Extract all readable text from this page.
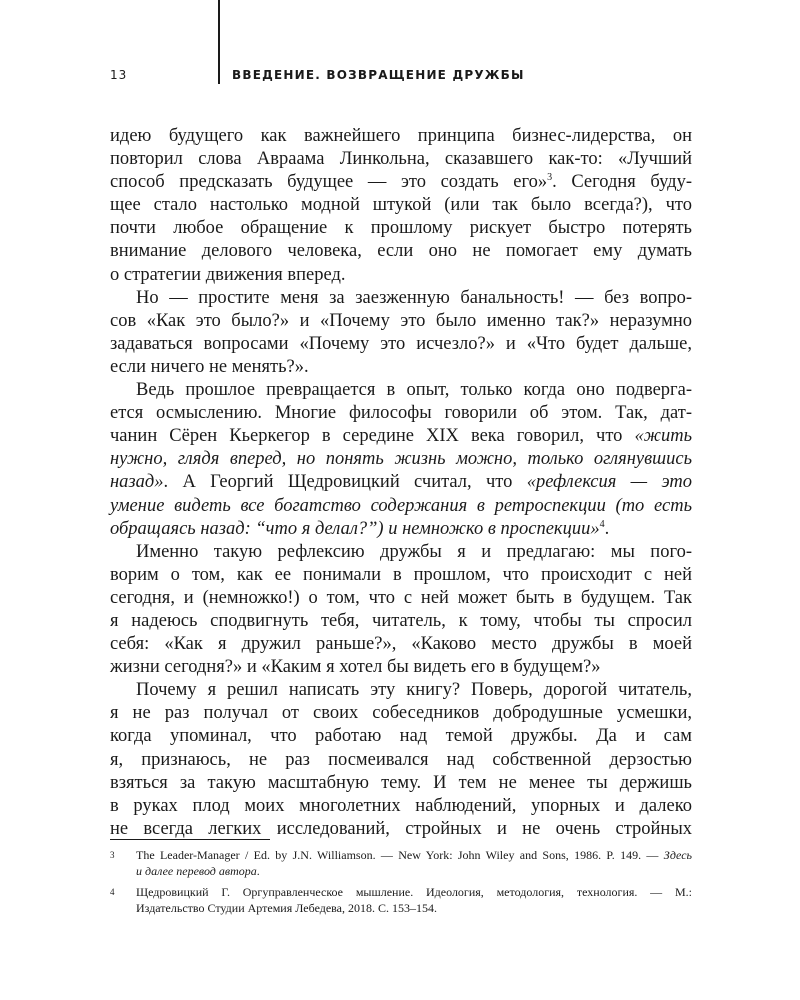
13	ВВЕДЕНИЕ. ВОЗВРАЩЕНИЕ ДРУЖБЫ
идею будущего как важнейшего принципа бизнес-лидерства, он
повторил слова Авраама Линкольна, сказавшего как-то: «Лучший
способ предсказать будущее — это создать его»$^3$. Сегодня буду-
щее стало настолько модной штукой (или так было всегда?), что
почти любое обращение к прошлому рискует быстро потерять
внимание делового человека, если оно не помогает ему думать
о стратегии движения вперед.
Но — простите меня за заезженную банальность! — без вопро-
сов «Как это было?» и «Почему это было именно так?» неразумно
задаваться вопросами «Почему это исчезло?» и «Что будет дальше,
если ничего не менять?».
Ведь прошлое превращается в опыт, только когда оно подверга-
ется осмыслению. Многие философы говорили об этом. Так, дат-
чанин Сёрен Кьеркегор в середине XIX века говорил, что «жить
нужно, глядя вперед, но понять жизнь можно, только оглянувшись
назад». А Георгий Щедровицкий считал, что «рефлексия — это
умение видеть все богатство содержания в ретроспекции (то есть
обращаясь назад: “что я делал?”) и немножко в проспекции»$^4$.
Именно такую рефлексию дружбы я и предлагаю: мы пого-
ворим о том, как ее понимали в прошлом, что происходит с ней
сегодня, и (немножко!) о том, что с ней может быть в будущем. Так
я надеюсь сподвигнуть тебя, читатель, к тому, чтобы ты спросил
себя: «Как я дружил раньше?», «Каково место дружбы в моей
жизни сегодня?» и «Каким я хотел бы видеть его в будущем?»
Почему я решил написать эту книгу? Поверь, дорогой читатель,
я не раз получал от своих собеседников добродушные усмешки,
когда упоминал, что работаю над темой дружбы. Да и сам
я, признаюсь, не раз посмеивался над собственной дерзостью
взяться за такую масштабную тему. И тем не менее ты держишь
в руках плод моих многолетних наблюдений, упорных и далеко
не всегда легких исследований, стройных и не очень стройных
3 The Leader-Manager / Ed. by J.N. Williamson. — New York: John Wiley and Sons, 1986. P. 149. — Здесь
и далее перевод автора.
4 Щедровицкий Г. Оргуправленческое мышление. Идеология, методология, технология. — М.:
Издательство Студии Артемия Лебедева, 2018. С. 153–154.
